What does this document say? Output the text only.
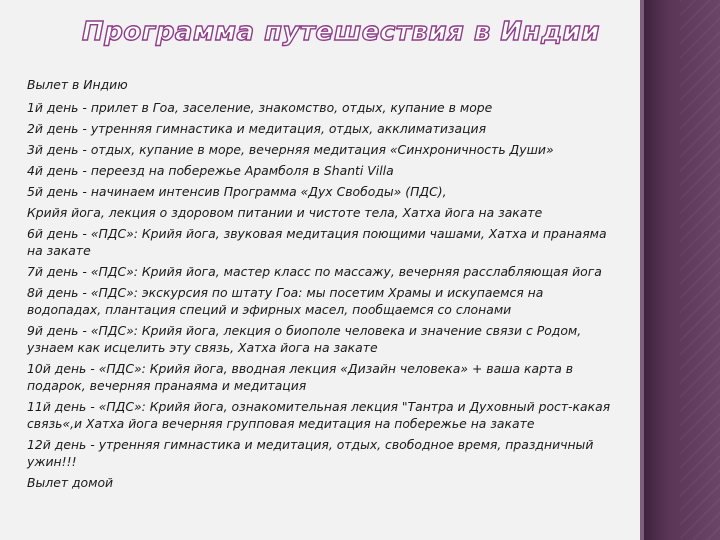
Программа путешествия в Индии

Вылет в Индию

1й день - прилет в Гоа, заселение, знакомство, отдых, купание в море

2й день - утренняя гимнастика и медитация, отдых, акклиматизация

3й день - отдых, купание в море, вечерняя медитация «Синхроничность Души»

4й день - переезд на побережье Арамболя в Shanti Villa

5й день - начинаем интенсив Программа «Дух Свободы» (ПДС),

Крийя йога, лекция о здоровом питании и чистоте тела, Хатха йога на закате

6й день - «ПДС»: Крийя йога, звуковая медитация поющими чашами, Хатха и пранаяма на закате

7й день - «ПДС»: Крийя йога, мастер класс по массажу, вечерняя расслабляющая йога

8й день - «ПДС»: экскурсия по штату Гоа: мы посетим Храмы и искупаемся на водопадах, плантация специй и эфирных масел, пообщаемся со слонами

9й день - «ПДС»: Крийя йога, лекция о биополе человека и значение связи с Родом, узнаем как исцелить эту связь, Хатха йога на закате

10й день - «ПДС»: Крийя йога, вводная лекция «Дизайн человека» + ваша карта в подарок, вечерняя пранаяма и медитация

11й день - «ПДС»: Крийя йога, ознакомительная лекция "Тантра и Духовный рост-какая связь«,и Хатха йога вечерняя групповая медитация на побережье на закате

12й день - утренняя гимнастика и медитация, отдых, свободное время, праздничный ужин!!!

Вылет домой
